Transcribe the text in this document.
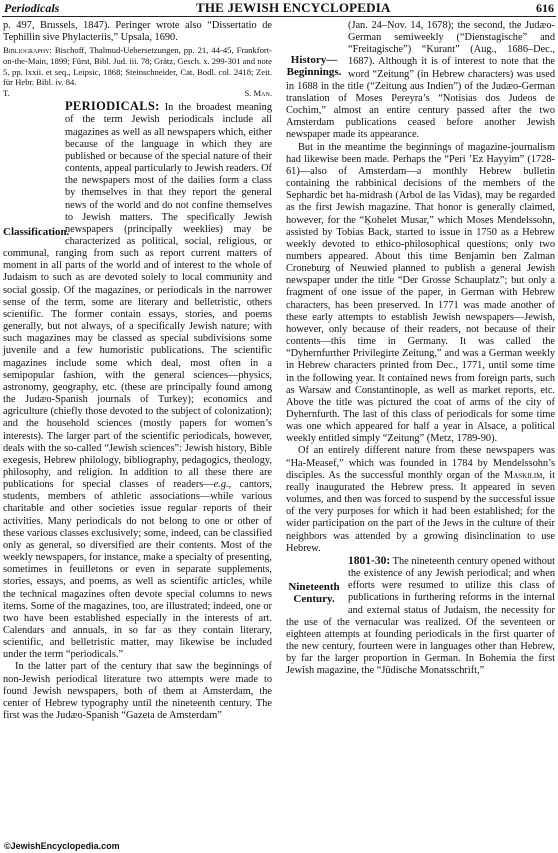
Periodicals	THE JEWISH ENCYCLOPEDIA	616

p. 497, Brussels, 1847). Peringer wrote also “Dissertatio de Tephillin sive Phylacteriis,” Upsala, 1690.

Bibliography: Bischoff, Thalmud-Uebersetzungen, pp. 21, 44-45, Frankfort-on-the-Main, 1899; Fürst, Bibl. Jud. iii. 78; Grätz, Gesch. x. 299-301 and note 5, pp. lxxii. et seq., Leipsic, 1868; Steinschneider, Cat. Bodl. col. 2418; Zeit. für Hebr. Bibl. iv. 84.

T.	S. Man.

PERIODICALS:
Classification.
In the broadest meaning of the term Jewish periodicals include all magazines as well as all newspapers which, either because of the language in which they are published or because of the special nature of their contents, appeal particularly to Jewish readers. Of the newspapers most of the dailies form a class by themselves in that they report the general news of the world and do not confine themselves to Jewish matters. The specifically Jewish newspapers (principally weeklies) may be characterized as political, social, religious, or communal, ranging from such as report current matters of moment in all parts of the world and of interest to the whole of Judaism to such as are devoted solely to local community and social gossip. Of the magazines, or periodicals in the narrower sense of the term, some are literary and belletristic, others scientific. The former contain essays, stories, and poems generally, but not always, of a specifically Jewish nature; with such magazines may be classed as special subdivisions some juvenile and a few humoristic publications. The scientific magazines include some which deal, most often in a semipopular fashion, with the general sciences—physics, astronomy, geography, etc. (these are principally found among the Judæo-Spanish journals of Turkey); economics and agriculture (chiefly those devoted to the subject of colonization); and the household sciences (mostly papers for women’s interests). The larger part of the scientific periodicals, however, deals with the so-called “Jewish sciences”: Jewish history, Bible exegesis, Hebrew philology, bibliography, pedagogics, theology, philosophy, and religion. In addition to all these there are publications for special classes of readers—e.g., cantors, students, members of athletic associations—while various charitable and other societies issue regular reports of their activities. Many periodicals do not belong to one or other of these various classes exclusively; some, indeed, can be classified only as general, so diversified are their contents. Most of the weekly newspapers, for instance, make a specialty of presenting, sometimes in feuilletons or even in separate supplements, stories, essays, and poems, as well as scientific articles, while the technical magazines often devote special columns to news items. Some of the magazines, too, are illustrated; indeed, one or two have been established especially in the interests of art. Calendars and annuals, in so far as they contain literary, scientific, and belletristic matter, may likewise be included under the term “periodicals.”

In the latter part of the century that saw the beginnings of non-Jewish periodical literature two attempts were made to found Jewish newspapers, both of them at Amsterdam, the center of Hebrew typography until the nineteenth century. The first was the Judæo-Spanish “Gazeta de Amsterdam”

History—Beginnings.
(Jan. 24–Nov. 14, 1678); the second, the Judæo-German semiweekly (“Dienstagische” and “Freitagische”) “Kurant” (Aug., 1686–Dec., 1687). Although it is of interest to note that the word “Zeitung” (in Hebrew characters) was used in 1688 in the title (“Zeitung aus Indien”) of the Judæo-German translation of Moses Pereyra’s “Notisias dos Judeos de Cochim,” almost an entire century passed after the two Amsterdam publications ceased before another Jewish newspaper made its appearance.

But in the meantime the beginnings of magazine-journalism had likewise been made. Perhaps the “Peri ’Ez Hayyim” (1728-61)—also of Amsterdam—a monthly Hebrew bulletin containing the rabbinical decisions of the members of the Sephardic bet ha-midrash (Arbol de las Vidas), may be regarded as the first Jewish magazine. That honor is generally claimed, however, for the “Ḳohelet Musar,” which Moses Mendelssohn, assisted by Tobias Back, started to issue in 1750 as a Hebrew weekly devoted to ethico-philosophical questions; only two numbers appeared. About this time Benjamin ben Zalman Croneburg of Neuwied planned to publish a general Jewish newspaper under the title “Der Grosse Schauplatz”; but only a fragment of one issue of the paper, in German with Hebrew characters, has been preserved. In 1771 was made another of these early attempts to establish Jewish newspapers—Jewish, however, only because of their readers, not because of their contents—this time in Germany. It was called the “Dyhernfurther Privilegirte Zeitung,” and was a German weekly in Hebrew characters printed from Dec., 1771, until some time in the following year. It contained news from foreign parts, such as Warsaw and Constantinople, as well as market reports, etc. Above the title was pictured the coat of arms of the city of Dyhernfurth. The last of this class of periodicals for some time was one which appeared for half a year in Alsace, a political weekly entitled simply “Zeitung” (Metz, 1789-90).

Of an entirely different nature from these newspapers was “Ha-Measef,” which was founded in 1784 by Mendelssohn’s disciples. As the successful monthly organ of the Maskilim, it really inaugurated the Hebrew press. It appeared in seven volumes, and then was forced to suspend by the successful issue of the very purposes for which it had been established; for the wider participation on the part of the Jews in the culture of their neighbors was attended by a growing disinclination to use Hebrew.

1801-30:
Nineteenth Century.
The nineteenth century opened without the existence of any Jewish periodical; and when efforts were resumed to utilize this class of publications in furthering reforms in the internal and external status of Judaism, the necessity for the use of the vernacular was realized. Of the seventeen or eighteen attempts at founding periodicals in the first quarter of the new century, fourteen were in languages other than Hebrew, by far the larger proportion in German. In Bohemia the first Jewish magazine, the “Jüdische Monatsschrift,”

©JewishEncyclopedia.com
